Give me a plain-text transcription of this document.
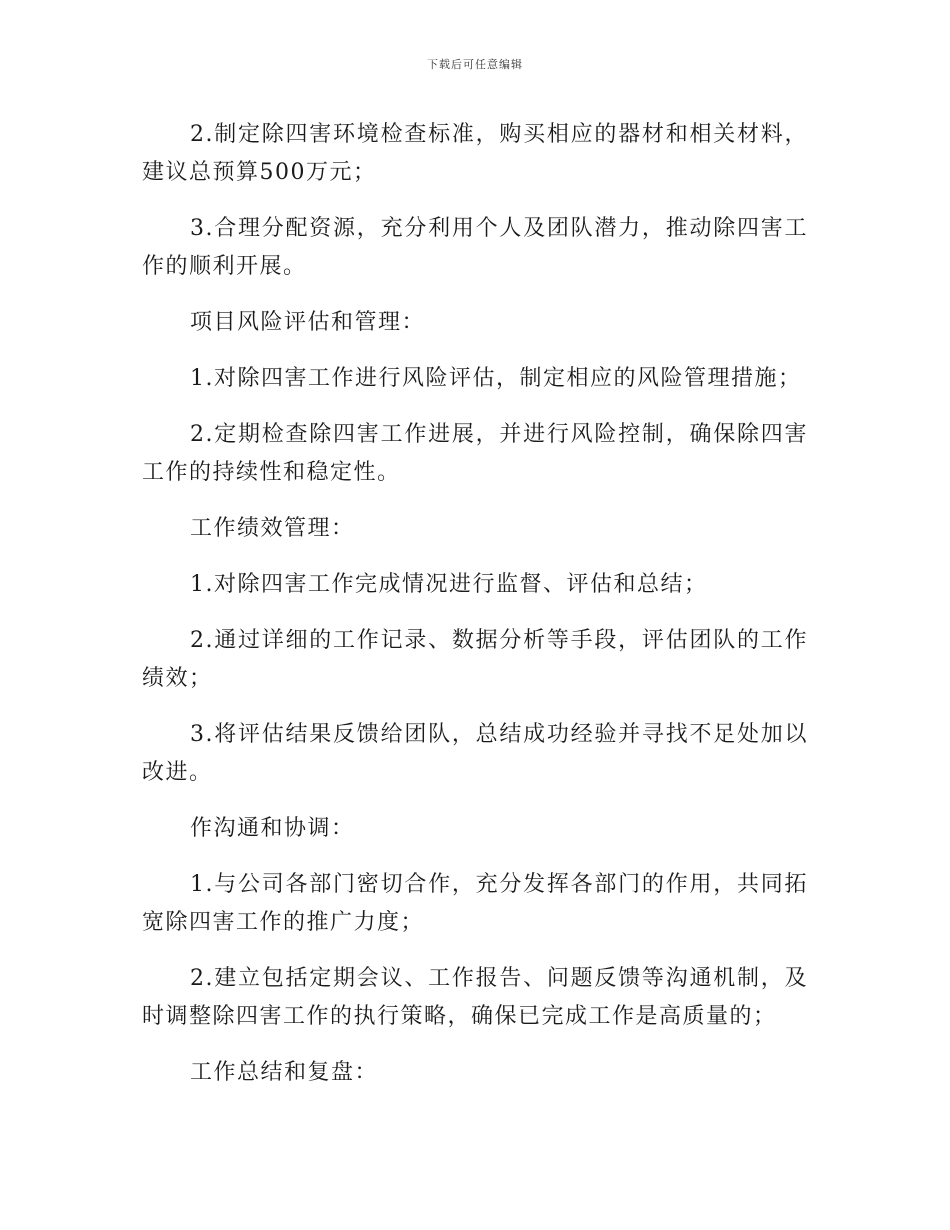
下载后可任意编辑

2.制定除四害环境检查标准，购买相应的器材和相关材料，建议总预算500万元；

3.合理分配资源，充分利用个人及团队潜力，推动除四害工作的顺利开展。

项目风险评估和管理：

1.对除四害工作进行风险评估，制定相应的风险管理措施；

2.定期检查除四害工作进展，并进行风险控制，确保除四害工作的持续性和稳定性。

工作绩效管理：

1.对除四害工作完成情况进行监督、评估和总结；

2.通过详细的工作记录、数据分析等手段，评估团队的工作绩效；

3.将评估结果反馈给团队，总结成功经验并寻找不足处加以改进。

作沟通和协调：

1.与公司各部门密切合作，充分发挥各部门的作用，共同拓宽除四害工作的推广力度；

2.建立包括定期会议、工作报告、问题反馈等沟通机制，及时调整除四害工作的执行策略，确保已完成工作是高质量的；

工作总结和复盘：
